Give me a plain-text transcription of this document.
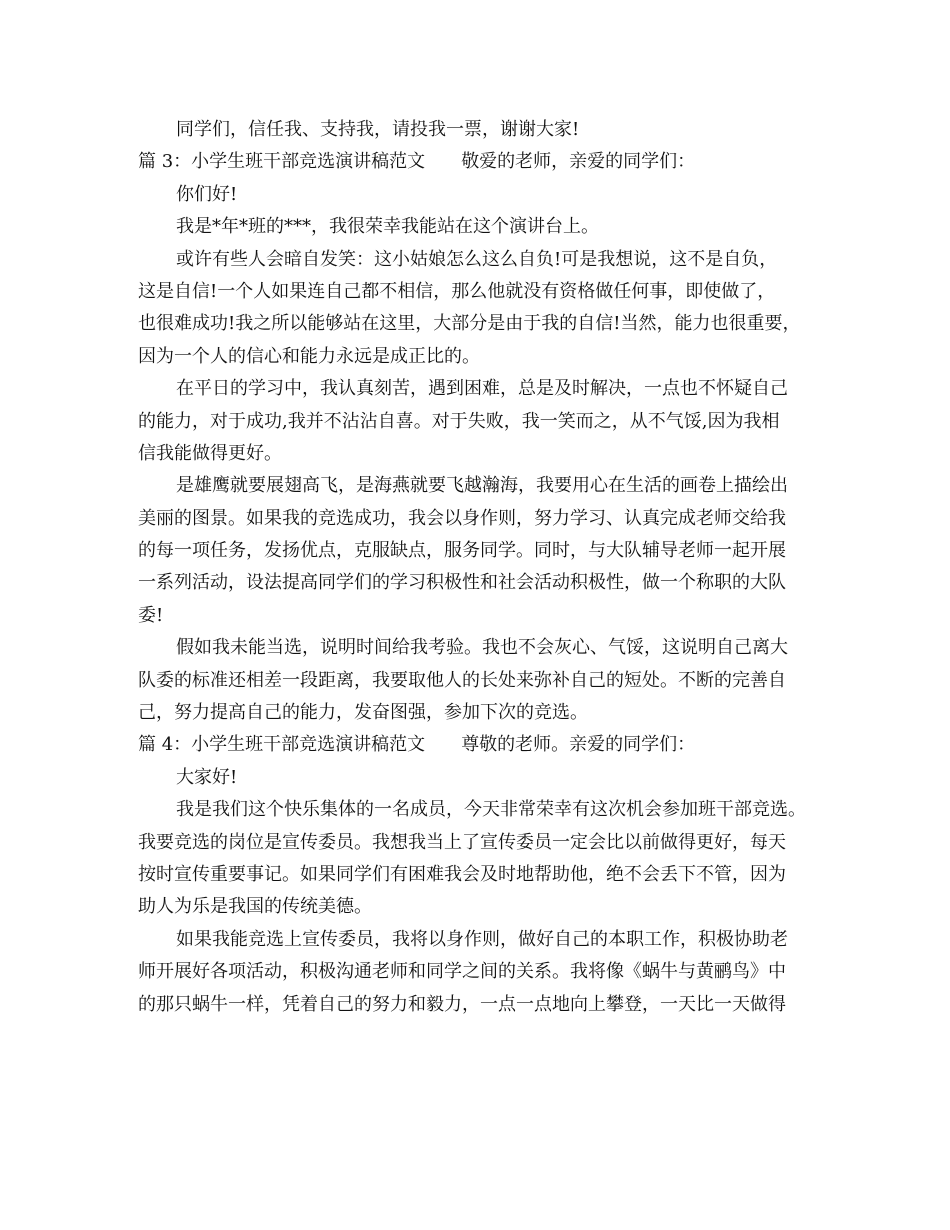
同学们，信任我、支持我，请投我一票，谢谢大家!
篇 3：小学生班干部竞选演讲稿范文 敬爱的老师，亲爱的同学们：
你们好!
我是*年*班的***，我很荣幸我能站在这个演讲台上。
或许有些人会暗自发笑：这小姑娘怎么这么自负!可是我想说，这不是自负，
这是自信!一个人如果连自己都不相信，那么他就没有资格做任何事，即使做了，
也很难成功!我之所以能够站在这里，大部分是由于我的自信!当然，能力也很重要，
因为一个人的信心和能力永远是成正比的。
在平日的学习中，我认真刻苦，遇到困难，总是及时解决，一点也不怀疑自己
的能力，对于成功,我并不沾沾自喜。对于失败，我一笑而之，从不气馁,因为我相
信我能做得更好。
是雄鹰就要展翅高飞，是海燕就要飞越瀚海，我要用心在生活的画卷上描绘出
美丽的图景。如果我的竞选成功，我会以身作则，努力学习、认真完成老师交给我
的每一项任务，发扬优点，克服缺点，服务同学。同时，与大队辅导老师一起开展
一系列活动，设法提高同学们的学习积极性和社会活动积极性，做一个称职的大队
委!
假如我未能当选，说明时间给我考验。我也不会灰心、气馁，这说明自己离大
队委的标准还相差一段距离，我要取他人的长处来弥补自己的短处。不断的完善自
己，努力提高自己的能力，发奋图强，参加下次的竞选。
篇 4：小学生班干部竞选演讲稿范文 尊敬的老师。亲爱的同学们：
大家好!
我是我们这个快乐集体的一名成员，今天非常荣幸有这次机会参加班干部竞选。
我要竞选的岗位是宣传委员。我想我当上了宣传委员一定会比以前做得更好，每天
按时宣传重要事记。如果同学们有困难我会及时地帮助他，绝不会丢下不管，因为
助人为乐是我国的传统美德。
如果我能竞选上宣传委员，我将以身作则，做好自己的本职工作，积极协助老
师开展好各项活动，积极沟通老师和同学之间的关系。我将像《蜗牛与黄鹂鸟》中
的那只蜗牛一样，凭着自己的努力和毅力，一点一点地向上攀登，一天比一天做得
